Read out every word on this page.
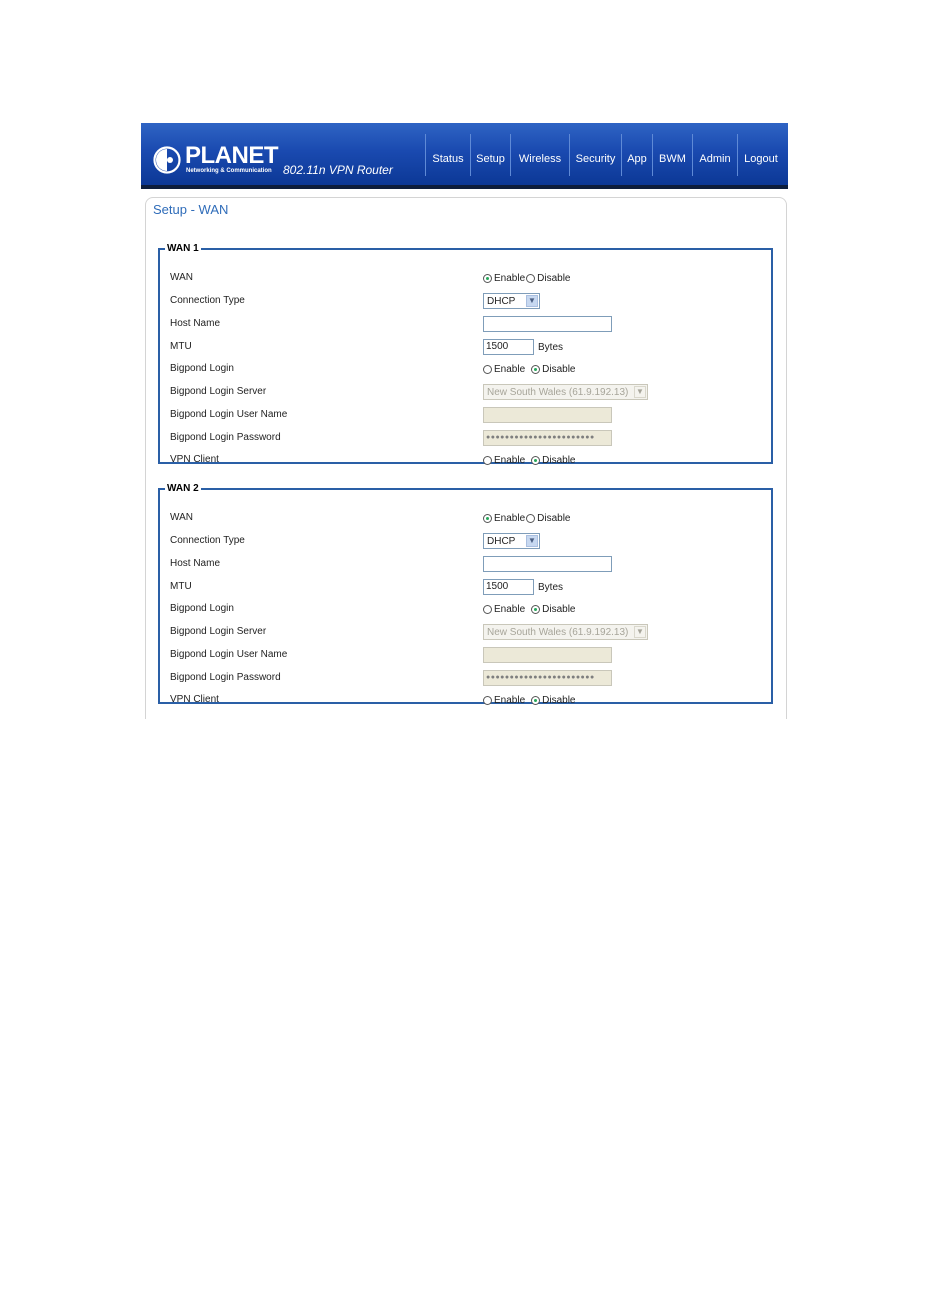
PLANET
Networking & Communication 802.11n VPN Router
Status	Setup	Wireless	Security	App	BWM	Admin	Logout
Setup - WAN
WAN 1
WAN	Enable Disable
Connection Type	DHCP ▼
Host Name
MTU	1500	Bytes
Bigpond Login	Enable Disable
Bigpond Login Server	New South Wales (61.9.192.13) ▼
Bigpond Login User Name
Bigpond Login Password	●●●●●●●●●●●●●●●●●●●●●●●
VPN Client	Enable Disable
WAN 2
WAN	Enable Disable
Connection Type	DHCP ▼
Host Name
MTU	1500	Bytes
Bigpond Login	Enable Disable
Bigpond Login Server	New South Wales (61.9.192.13) ▼
Bigpond Login User Name
Bigpond Login Password	●●●●●●●●●●●●●●●●●●●●●●●
VPN Client	Enable Disable
